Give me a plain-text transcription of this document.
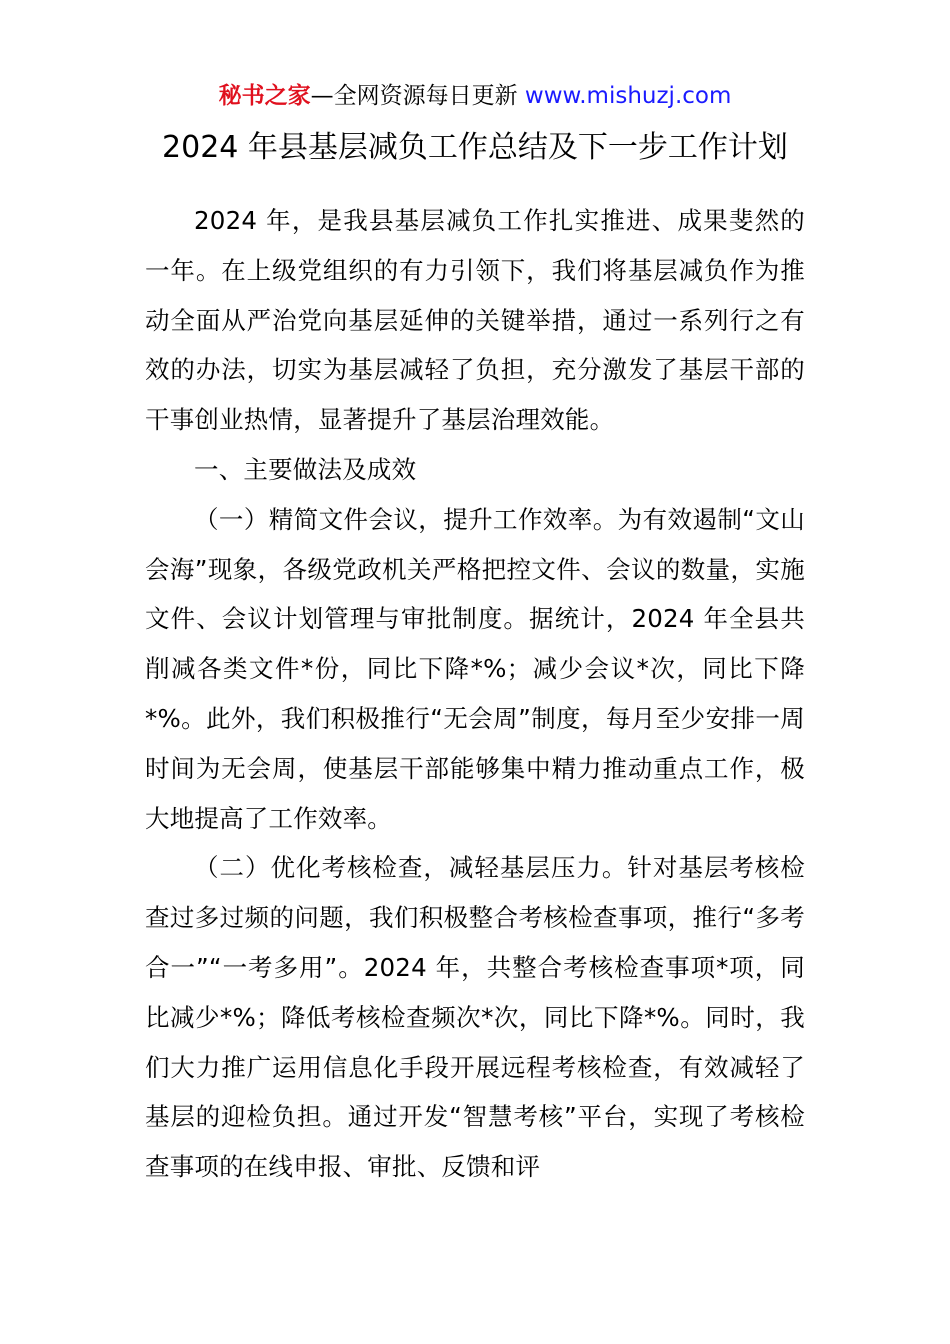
秘书之家—全网资源每日更新 www.mishuzj.com
2024 年县基层减负工作总结及下一步工作计划

2024 年，是我县基层减负工作扎实推进、成果斐然的一年。在上级党组织的有力引领下，我们将基层减负作为推动全面从严治党向基层延伸的关键举措，通过一系列行之有效的办法，切实为基层减轻了负担，充分激发了基层干部的干事创业热情，显著提升了基层治理效能。

一、主要做法及成效

（一）精简文件会议，提升工作效率。为有效遏制“文山会海”现象，各级党政机关严格把控文件、会议的数量，实施文件、会议计划管理与审批制度。据统计，2024 年全县共削减各类文件*份，同比下降*%；减少会议*次，同比下降*%。此外，我们积极推行“无会周”制度，每月至少安排一周时间为无会周，使基层干部能够集中精力推动重点工作，极大地提高了工作效率。

（二）优化考核检查，减轻基层压力。针对基层考核检查过多过频的问题，我们积极整合考核检查事项，推行“多考合一”“一考多用”。2024 年，共整合考核检查事项*项，同比减少*%；降低考核检查频次*次，同比下降*%。同时，我们大力推广运用信息化手段开展远程考核检查，有效减轻了基层的迎检负担。通过开发“智慧考核”平台，实现了考核检查事项的在线申报、审批、反馈和评
